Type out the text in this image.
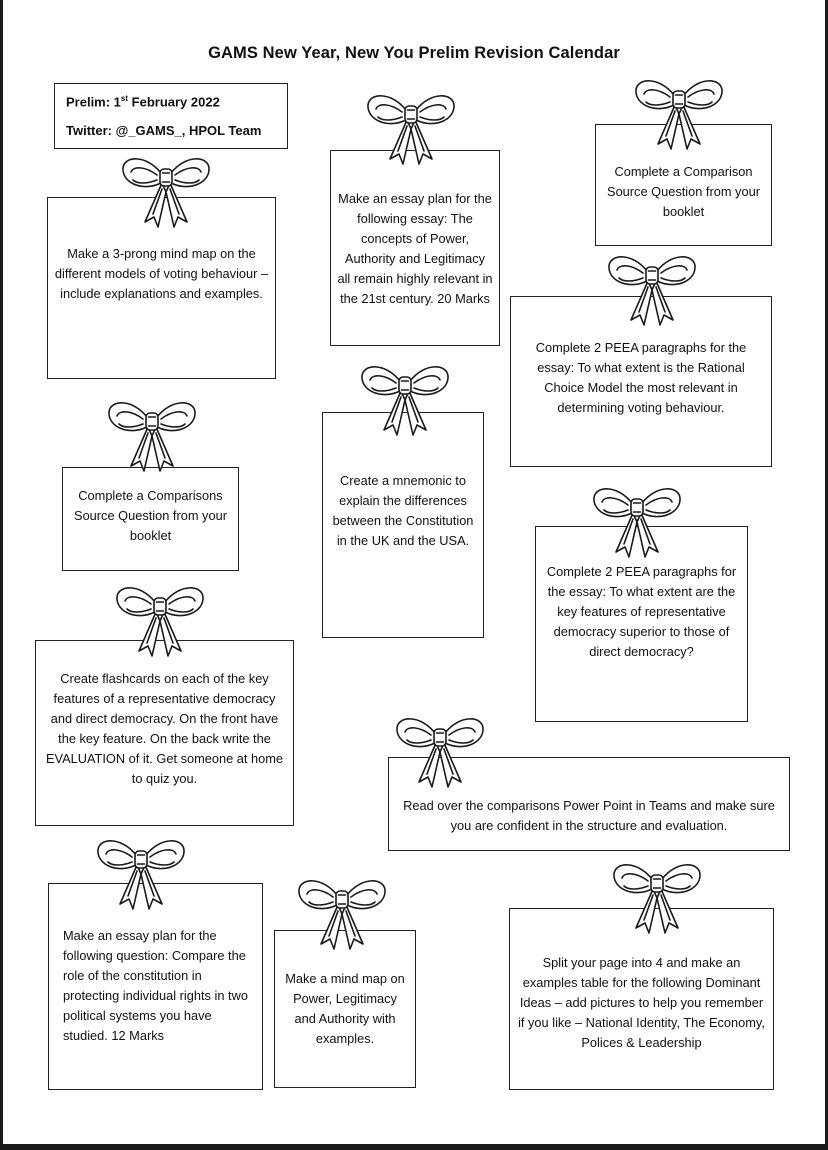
GAMS New Year, New You Prelim Revision Calendar
Prelim: 1st February 2022
Twitter: @_GAMS_, HPOL Team
Make a 3-prong mind map on the different models of voting behaviour – include explanations and examples.
Make an essay plan for the following essay: The concepts of Power, Authority and Legitimacy all remain highly relevant in the 21st century. 20 Marks
Complete a Comparison Source Question from your booklet
Complete 2 PEEA paragraphs for the essay: To what extent is the Rational Choice Model the most relevant in determining voting behaviour.
Complete a Comparisons Source Question from your booklet
Create a mnemonic to explain the differences between the Constitution in the UK and the USA.
Complete 2 PEEA paragraphs for the essay: To what extent are the key features of representative democracy superior to those of direct democracy?
Create flashcards on each of the key features of a representative democracy and direct democracy. On the front have the key feature. On the back write the EVALUATION of it. Get someone at home to quiz you.
Read over the comparisons Power Point in Teams and make sure you are confident in the structure and evaluation.
Make an essay plan for the following question: Compare the role of the constitution in protecting individual rights in two political systems you have studied. 12 Marks
Make a mind map on Power, Legitimacy and Authority with examples.
Split your page into 4 and make an examples table for the following Dominant Ideas – add pictures to help you remember if you like – National Identity, The Economy, Polices & Leadership
